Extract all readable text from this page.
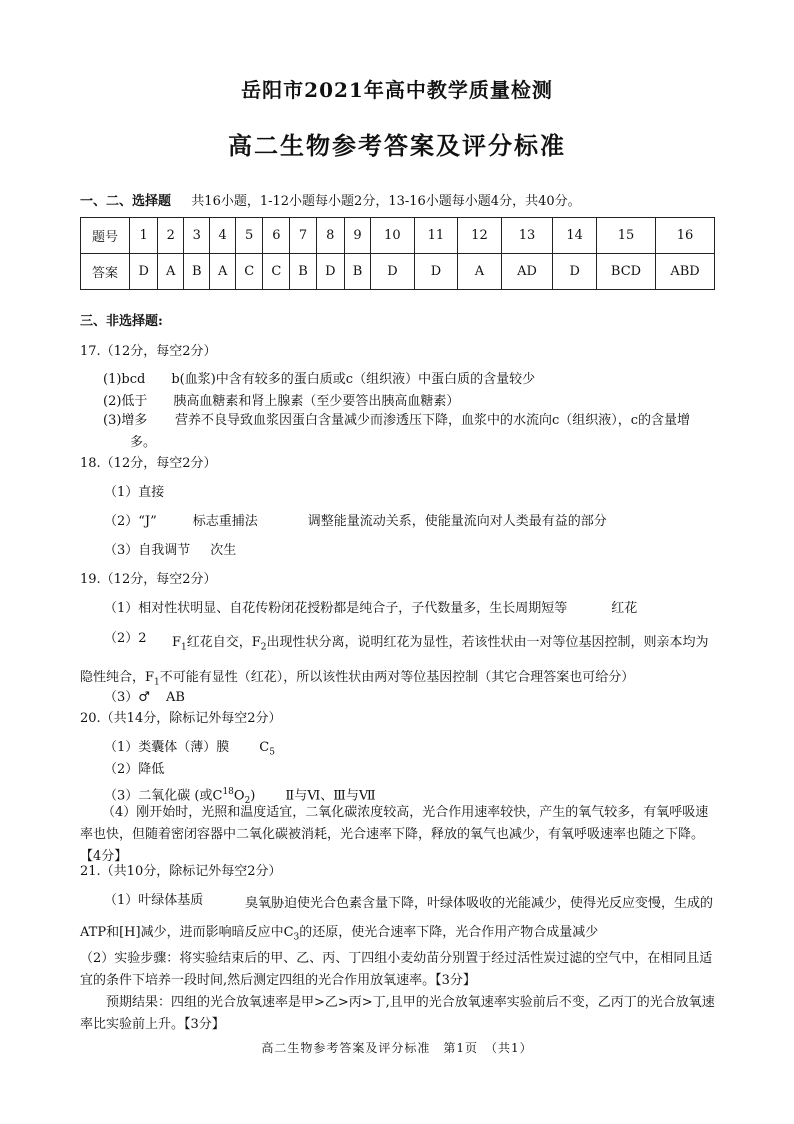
岳阳市2021年高中教学质量检测
高二生物参考答案及评分标准
一、二、选择题 共16小题，1-12小题每小题2分，13-16小题每小题4分，共40分。
题号	1	2	3	4	5	6	7	8	9	10	11	12	13	14	15	16
答案	D	A	B	A	C	C	B	D	B	D	D	A	AD	D	BCD	ABD
三、非选择题:
17.（12分，每空2分）
(1)bcd b(血浆)中含有较多的蛋白质或c（组织液）中蛋白质的含量较少
(2)低于 胰高血糖素和肾上腺素（至少要答出胰高血糖素）
(3)增多	营养不良导致血浆因蛋白含量减少而渗透压下降，血浆中的水流向c（组织液），c的含量增多。
18.（12分，每空2分）
（1）直接
（2）“J”	标志重捕法	调整能量流动关系，使能量流向对人类最有益的部分
（3）自我调节 次生
19.（12分，每空2分）
（1）相对性状明显、自花传粉闭花授粉都是纯合子，子代数量多，生长周期短等	红花
（2）2	$F_1$红花自交，$F_2$出现性状分离，说明红花为显性，若该性状由一对等位基因控制，则亲本均为隐性纯合，$F_1$不可能有显性（红花），所以该性状由两对等位基因控制（其它合理答案也可给分）
（3）♂ AB
20.（共14分，除标记外每空2分）
（1）类囊体（薄）膜 $C_5$
（2）降低
（3）二氧化碳 (或$C^{18}O_2$) Ⅱ与Ⅵ、Ⅲ与Ⅶ
（4）刚开始时，光照和温度适宜，二氧化碳浓度较高，光合作用速率较快，产生的氧气较多，有氧呼吸速率也快，但随着密闭容器中二氧化碳被消耗，光合速率下降，释放的氧气也减少，有氧呼吸速率也随之下降。【4分】
21.（共10分，除标记外每空2分）
（1）叶绿体基质	臭氧胁迫使光合色素含量下降，叶绿体吸收的光能减少，使得光反应变慢，生成的ATP和[H]减少，进而影响暗反应中$C_3$的还原，使光合速率下降，光合作用产物合成量减少
（2）实验步骤：将实验结束后的甲、乙、丙、丁四组小麦幼苗分别置于经过活性炭过滤的空气中，在相同且适宜的条件下培养一段时间,然后测定四组的光合作用放氧速率。【3分】
预期结果：四组的光合放氧速率是甲>乙>丙>丁,且甲的光合放氧速率实验前后不变，乙丙丁的光合放氧速率比实验前上升。【3分】
高二生物参考答案及评分标准　第1页　（共1）
